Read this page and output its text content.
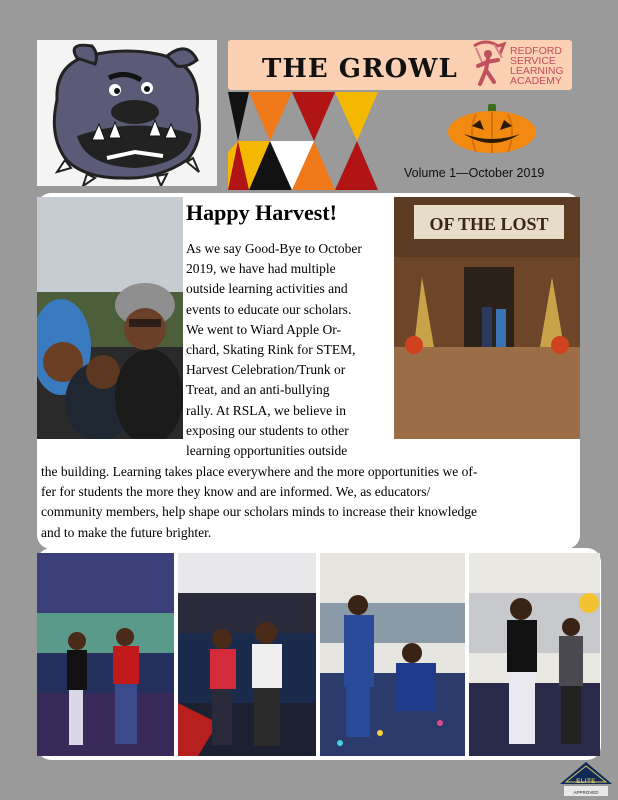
THE GROWL
REDFORD
SERVICE
LEARNING
ACADEMY
Volume 1—October 2019
OF THE LOST
Happy Harvest!
As we say Good-Bye to October
2019, we have had multiple
outside learning activities and
events to educate our scholars.
We went to Wiard Apple Or-
chard, Skating Rink for STEM,
Harvest Celebration/Trunk or
Treat, and an anti-bullying
rally. At RSLA, we believe in
exposing our students to other
learning opportunities outside
the building. Learning takes place everywhere and the more opportunities we of-
fer for students the more they know and are informed. We, as educators/
community members, help shape our scholars minds to increase their knowledge
and to make the future brighter.
ELITE
APPROVED
